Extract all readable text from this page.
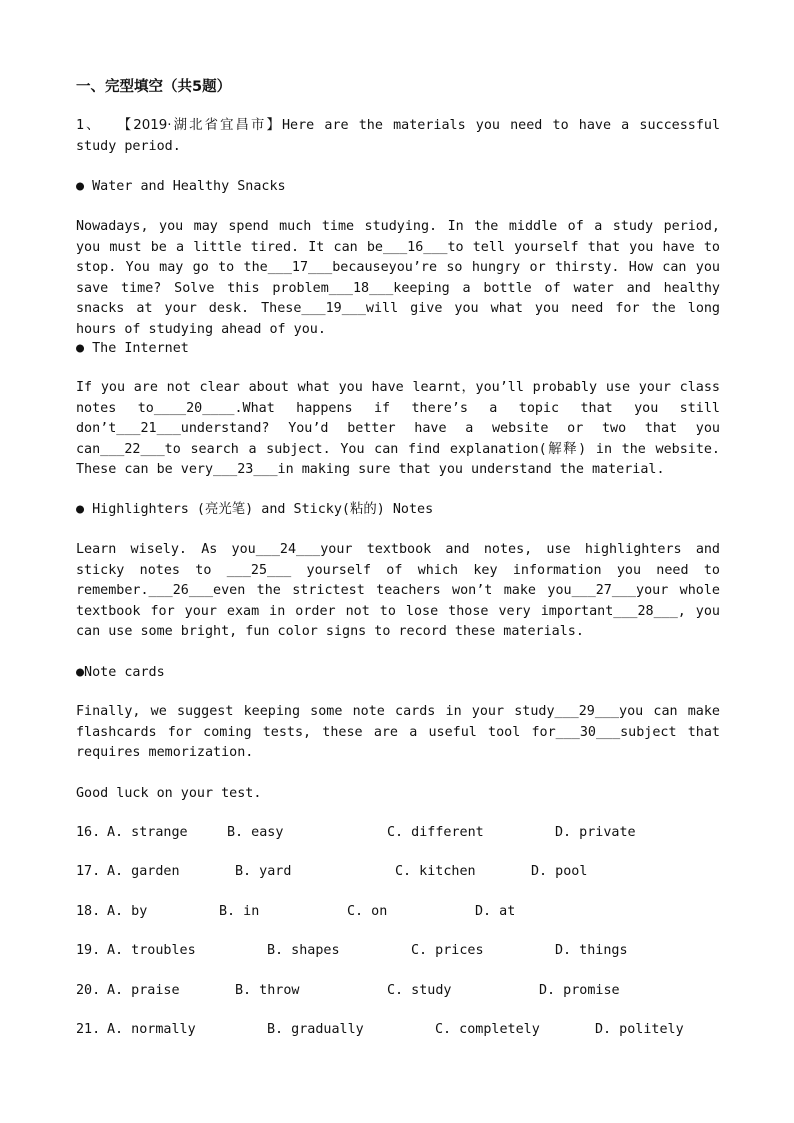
一、完型填空（共5题）
1、 【2019·湖北省宜昌市】Here are the materials you need to have a successful study period.
● Water and Healthy Snacks
Nowadays, you may spend much time studying. In the middle of a study period, you must be a little tired. It can be___16___to tell yourself that you have to stop. You may go to the___17___becauseyou’re so hungry or thirsty. How can you save time? Solve this problem___18___keeping a bottle of water and healthy snacks at your desk. These___19___will give you what you need for the long hours of studying ahead of you.
● The Internet
If you are not clear about what you have learnt，you’ll probably use your class notes to____20____.What happens if there’s a topic that you still don’t___21___understand? You’d better have a website or two that you can___22___to search a subject. You can find explanation(解释) in the website. These can be very___23___in making sure that you understand the material.
● Highlighters (亮光笔) and Sticky(粘的) Notes
Learn wisely. As you___24___your textbook and notes, use highlighters and sticky notes to ___25___ yourself of which key information you need to remember.___26___even the strictest teachers won’t make you___27___your whole textbook for your exam in order not to lose those very important___28___, you can use some bright, fun color signs to record these materials.
●Note cards
Finally, we suggest keeping some note cards in your study___29___you can make flashcards for coming tests, these are a useful tool for___30___subject that requires memorization.
Good luck on your test.
16. A. strange	B. easy	C. different	D. private
17. A. garden	B. yard	C. kitchen	D. pool
18. A. by	B. in	C. on	D. at
19. A. troubles	B. shapes	C. prices	D. things
20. A. praise	B. throw	C. study	D. promise
21. A. normally	B. gradually	C. completely	D. politely
